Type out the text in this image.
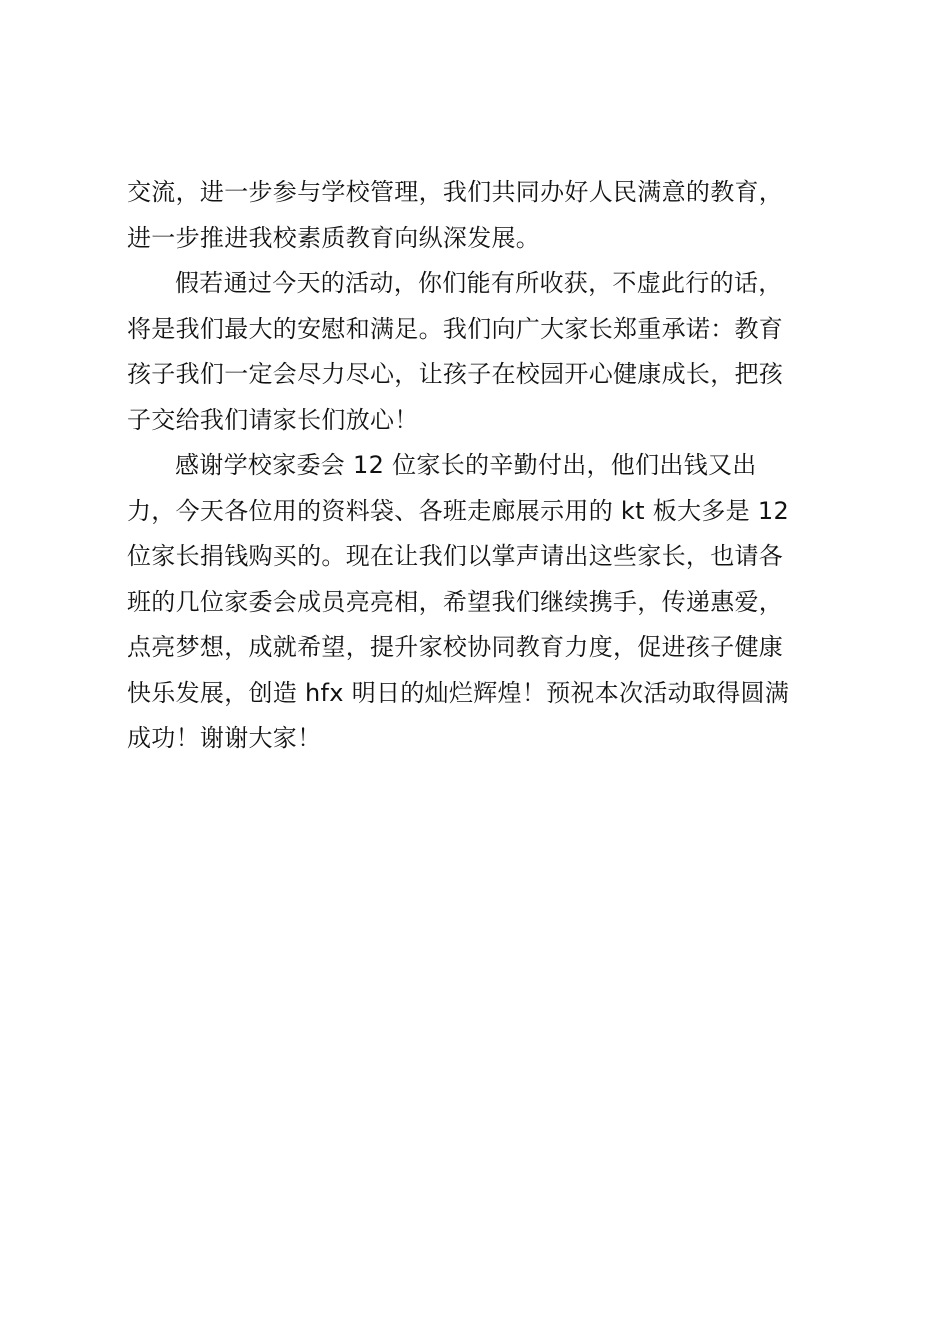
交流，进一步参与学校管理，我们共同办好人民满意的教育，
进一步推进我校素质教育向纵深发展。
假若通过今天的活动，你们能有所收获，不虚此行的话，
将是我们最大的安慰和满足。我们向广大家长郑重承诺：教育
孩子我们一定会尽力尽心，让孩子在校园开心健康成长，把孩
子交给我们请家长们放心！
感谢学校家委会 12 位家长的辛勤付出，他们出钱又出
力，今天各位用的资料袋、各班走廊展示用的 kt 板大多是 12
位家长捐钱购买的。现在让我们以掌声请出这些家长，也请各
班的几位家委会成员亮亮相，希望我们继续携手，传递惠爱，
点亮梦想，成就希望，提升家校协同教育力度，促进孩子健康
快乐发展，创造 hfx 明日的灿烂辉煌！预祝本次活动取得圆满
成功！谢谢大家！
